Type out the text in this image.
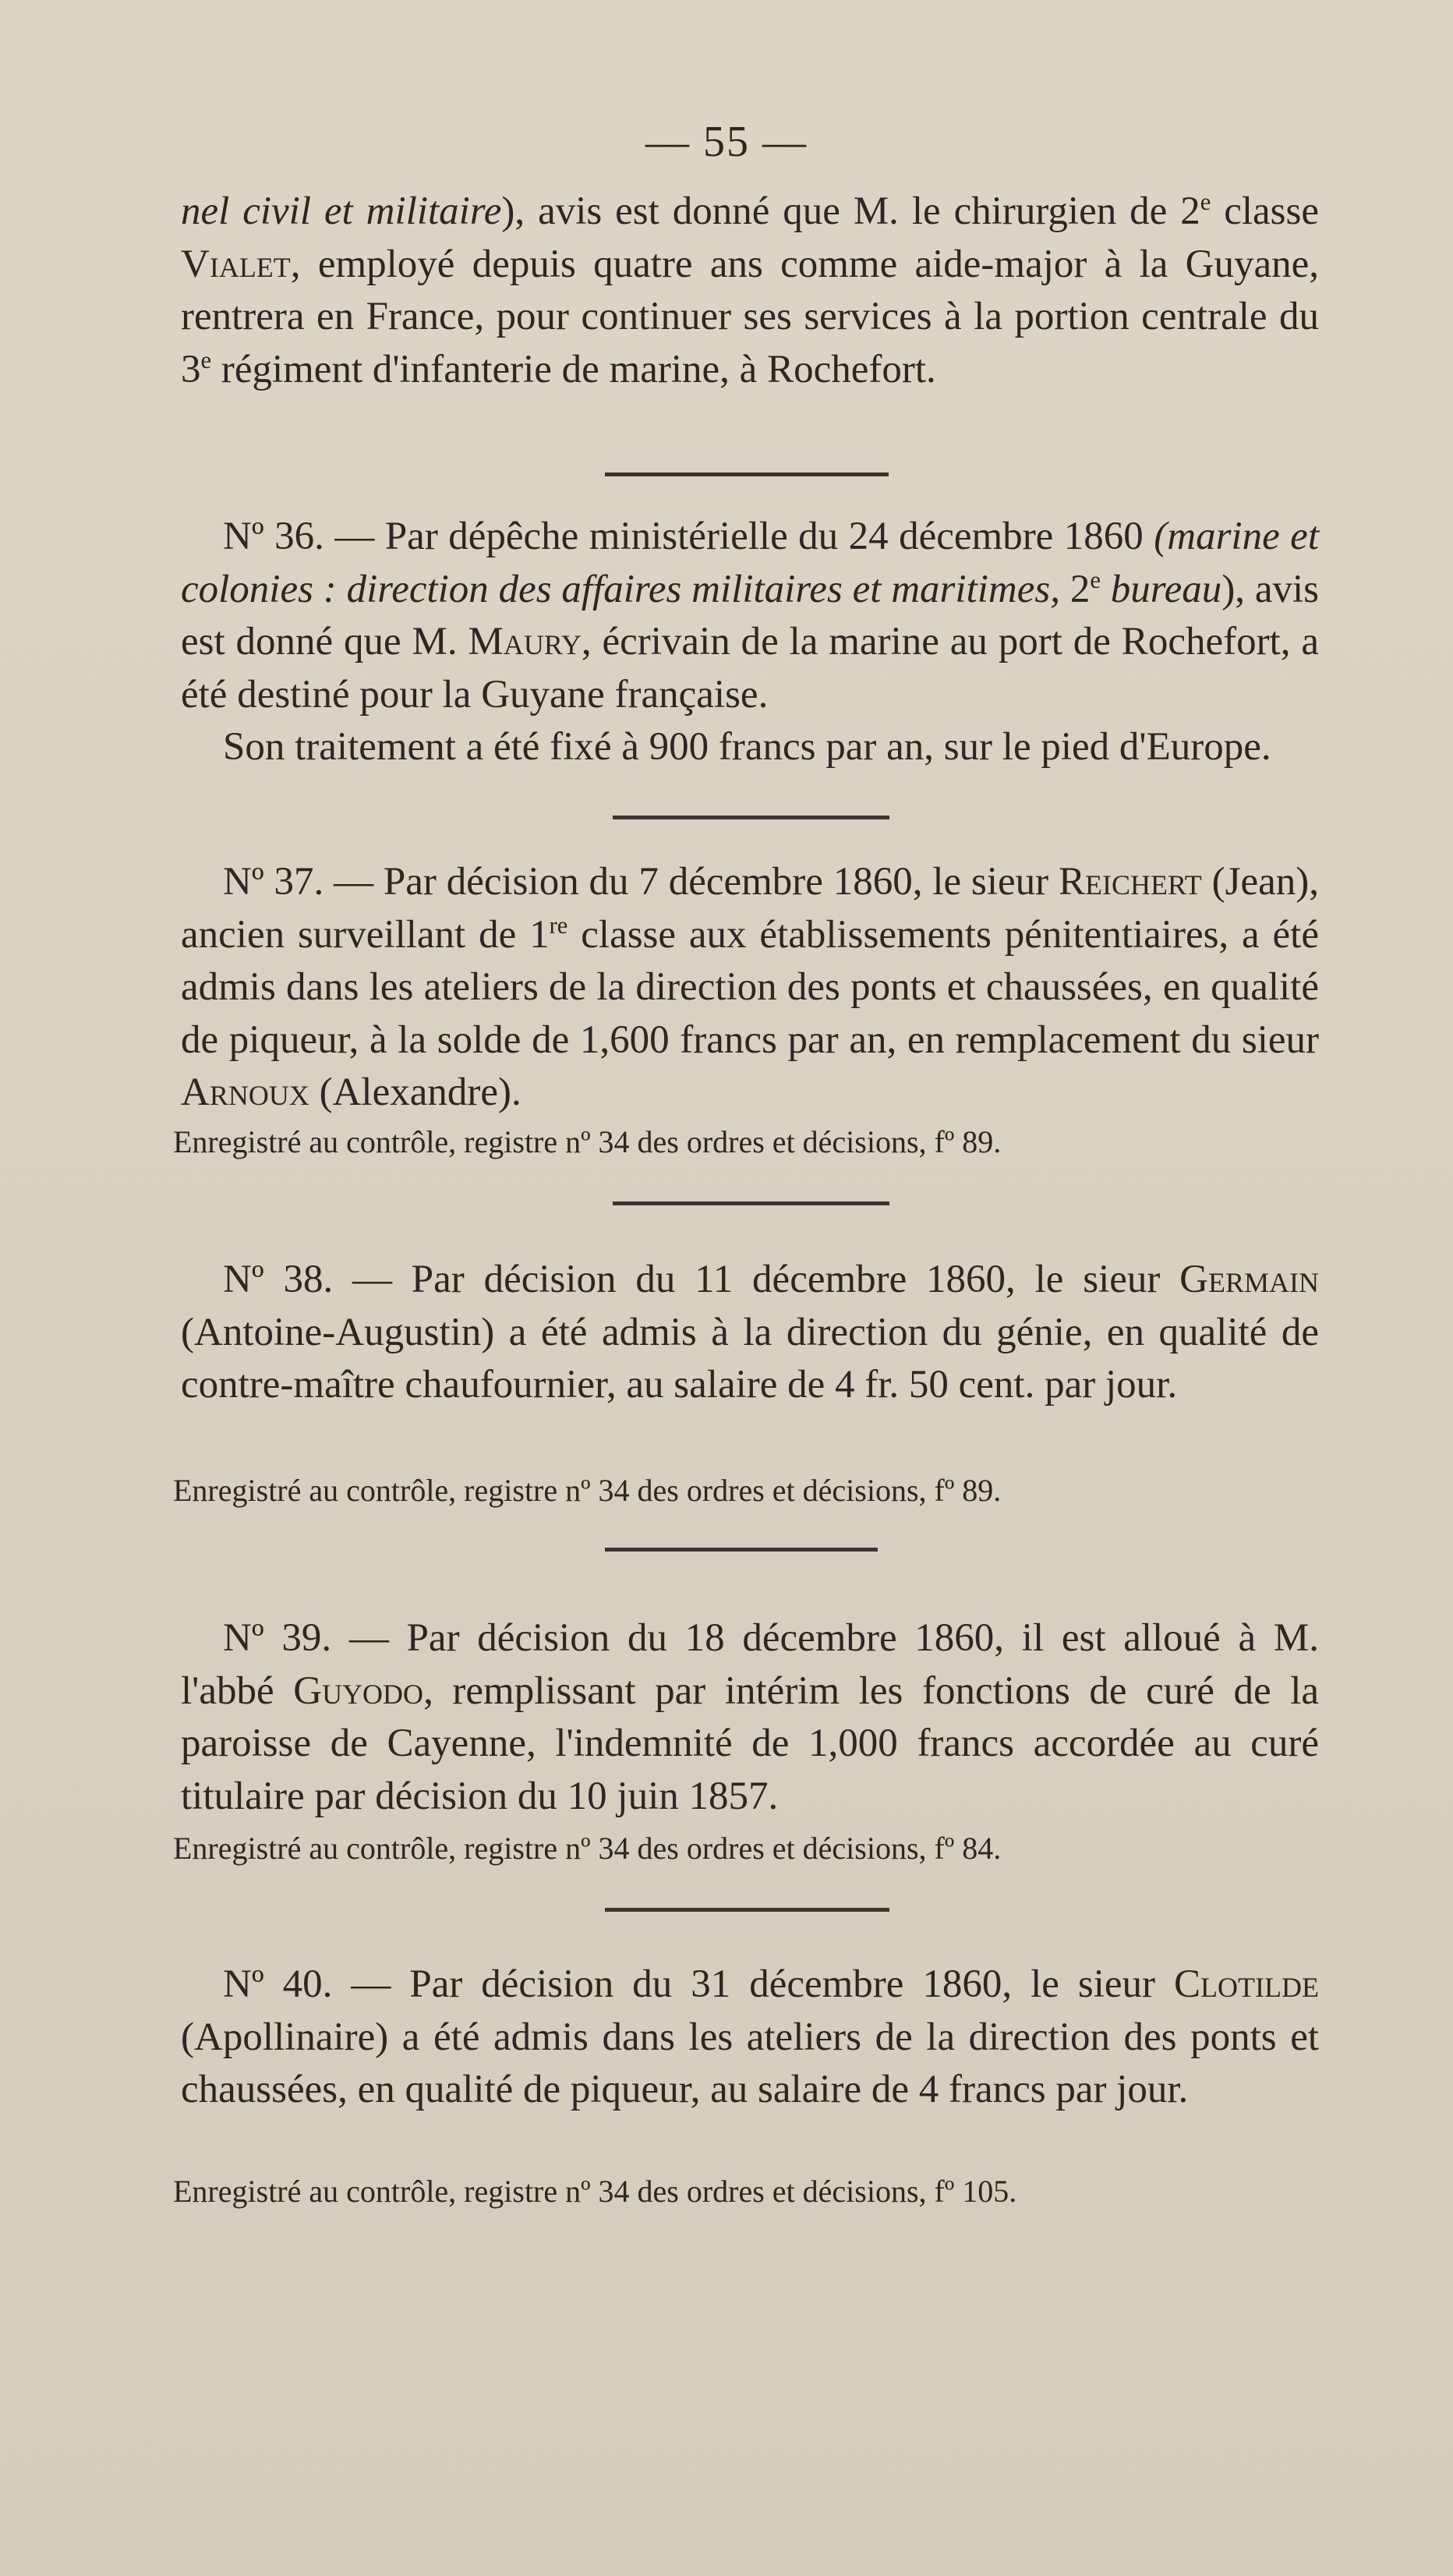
— 55 —

nel civil et militaire), avis est donné que M. le chirurgien de 2e classe Vialet, employé depuis quatre ans comme aide-major à la Guyane, rentrera en France, pour continuer ses services à la portion centrale du 3e régiment d'infanterie de marine, à Rochefort.

Nº 36. — Par dépêche ministérielle du 24 décembre 1860 (marine et colonies : direction des affaires militaires et maritimes, 2e bureau), avis est donné que M. Maury, écrivain de la marine au port de Rochefort, a été destiné pour la Guyane française.

Son traitement a été fixé à 900 francs par an, sur le pied d'Europe.

Nº 37. — Par décision du 7 décembre 1860, le sieur Reichert (Jean), ancien surveillant de 1re classe aux établissements pénitentiaires, a été admis dans les ateliers de la direction des ponts et chaussées, en qualité de piqueur, à la solde de 1,600 francs par an, en remplacement du sieur Arnoux (Alexandre).

Enregistré au contrôle, registre nº 34 des ordres et décisions, fº 89.

Nº 38. — Par décision du 11 décembre 1860, le sieur Germain (Antoine-Augustin) a été admis à la direction du génie, en qualité de contre-maître chaufournier, au salaire de 4 fr. 50 cent. par jour.

Enregistré au contrôle, registre nº 34 des ordres et décisions, fº 89.

Nº 39. — Par décision du 18 décembre 1860, il est alloué à M. l'abbé Guyodo, remplissant par intérim les fonctions de curé de la paroisse de Cayenne, l'indemnité de 1,000 francs accordée au curé titulaire par décision du 10 juin 1857.

Enregistré au contrôle, registre nº 34 des ordres et décisions, fº 84.

Nº 40. — Par décision du 31 décembre 1860, le sieur Clotilde (Apollinaire) a été admis dans les ateliers de la direction des ponts et chaussées, en qualité de piqueur, au salaire de 4 francs par jour.

Enregistré au contrôle, registre nº 34 des ordres et décisions, fº 105.
